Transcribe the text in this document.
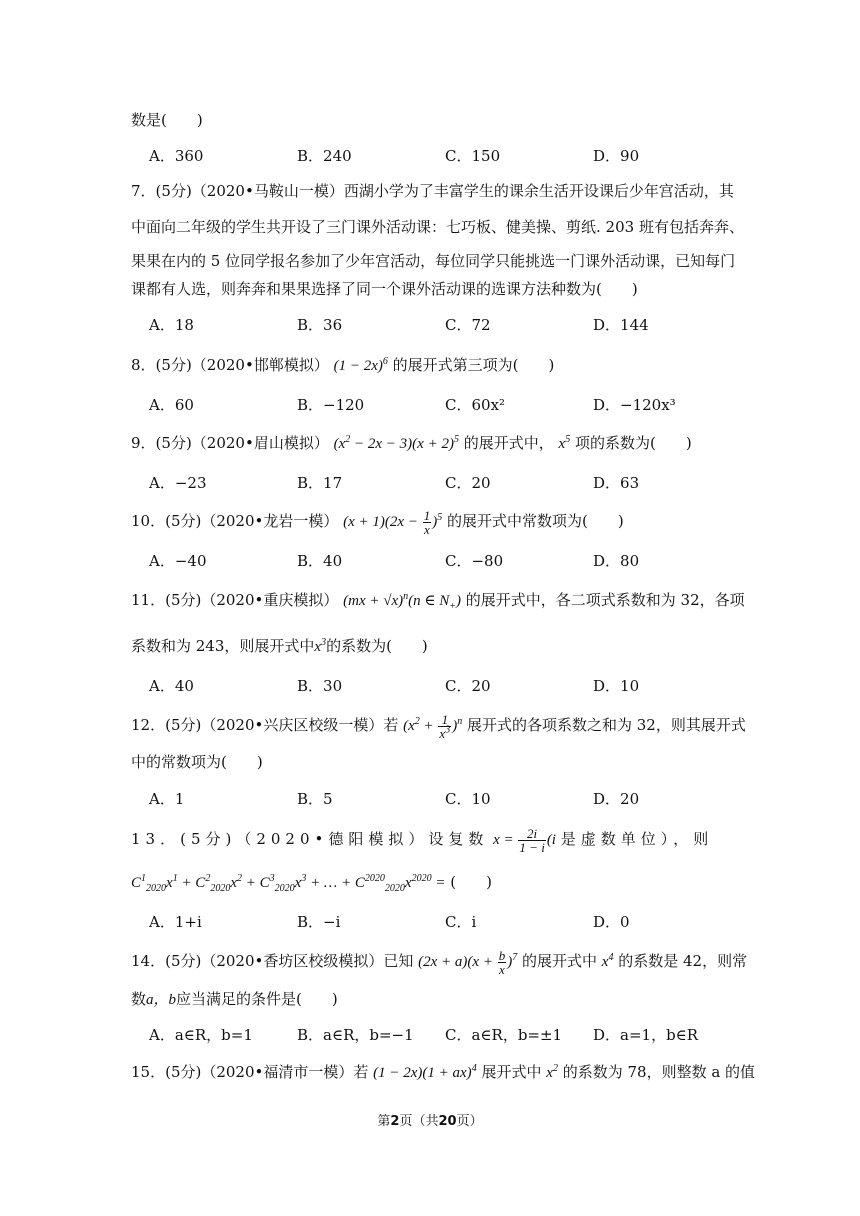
数是(　　)
A．360	B．240	C．150	D．90
7．(5分)（2020•马鞍山一模）西湖小学为了丰富学生的课余生活开设课后少年宫活动，其
中面向二年级的学生共开设了三门课外活动课：七巧板、健美操、剪纸. 203 班有包括奔奔、
果果在内的 5 位同学报名参加了少年宫活动，每位同学只能挑选一门课外活动课，已知每门
课都有人选，则奔奔和果果选择了同一个课外活动课的选课方法种数为(　　)
A．18	B．36	C．72	D．144
8．(5分)（2020•邯郸模拟） $(1 - 2x)^6$ 的展开式第三项为(　　)
A．60	B．−120	C．60x²	D．−120x³
9．(5分)（2020•眉山模拟） $(x^2 - 2x - 3)(x + 2)^5$ 的展开式中， $x^5$ 项的系数为(　　)
A．−23	B．17	C．20	D．63
10．(5分)（2020•龙岩一模） $(x + 1)(2x - \frac{1}{x} )^5$ 的展开式中常数项为(　　)
A．−40	B．40	C．−80	D．80
11．(5分)（2020•重庆模拟） (mx + √x)$^n$(n ∈ $N_+$) 的展开式中，各二项式系数和为 32，各项
系数和为 243，则展开式中$x^3$的系数为(　　)
A．40	B．30	C．20	D．10
12．(5分)（2020•兴庆区校级一模）若 $(x^2 + \frac{1}{x^3} )^n$ 展开式的各项系数之和为 32，则其展开式
中的常数项为(　　)
A．1	B．5	C．10	D．20
13．(5分)（2020•德阳模拟）设复数 $x = \frac{2i}{1 - i} (i$ 是虚数单位），则
$C^1_{2020}x^1 + C^2_{2020}x^2 + C^3_{2020}x^3$ + … + $C^{2020}_{2020}x^{2020}$ = (　　)
A．1+i	B．−i	C．i	D．0
14．(5分)（2020•香坊区校级模拟）已知 $(2x + a)(x + \frac{b}{x} )^7$ 的展开式中 $x^4$ 的系数是 42，则常
数a，b应当满足的条件是(　　)
A．a∈R，b=1	B．a∈R，b=−1 C．a∈R，b=±1 D．a=1，b∈R
15．(5分)（2020•福清市一模）若 (1 − 2x)(1 + ax)$^4$ 展开式中 $x^2$ 的系数为 78，则整数 a 的值
第2页（共20页）
